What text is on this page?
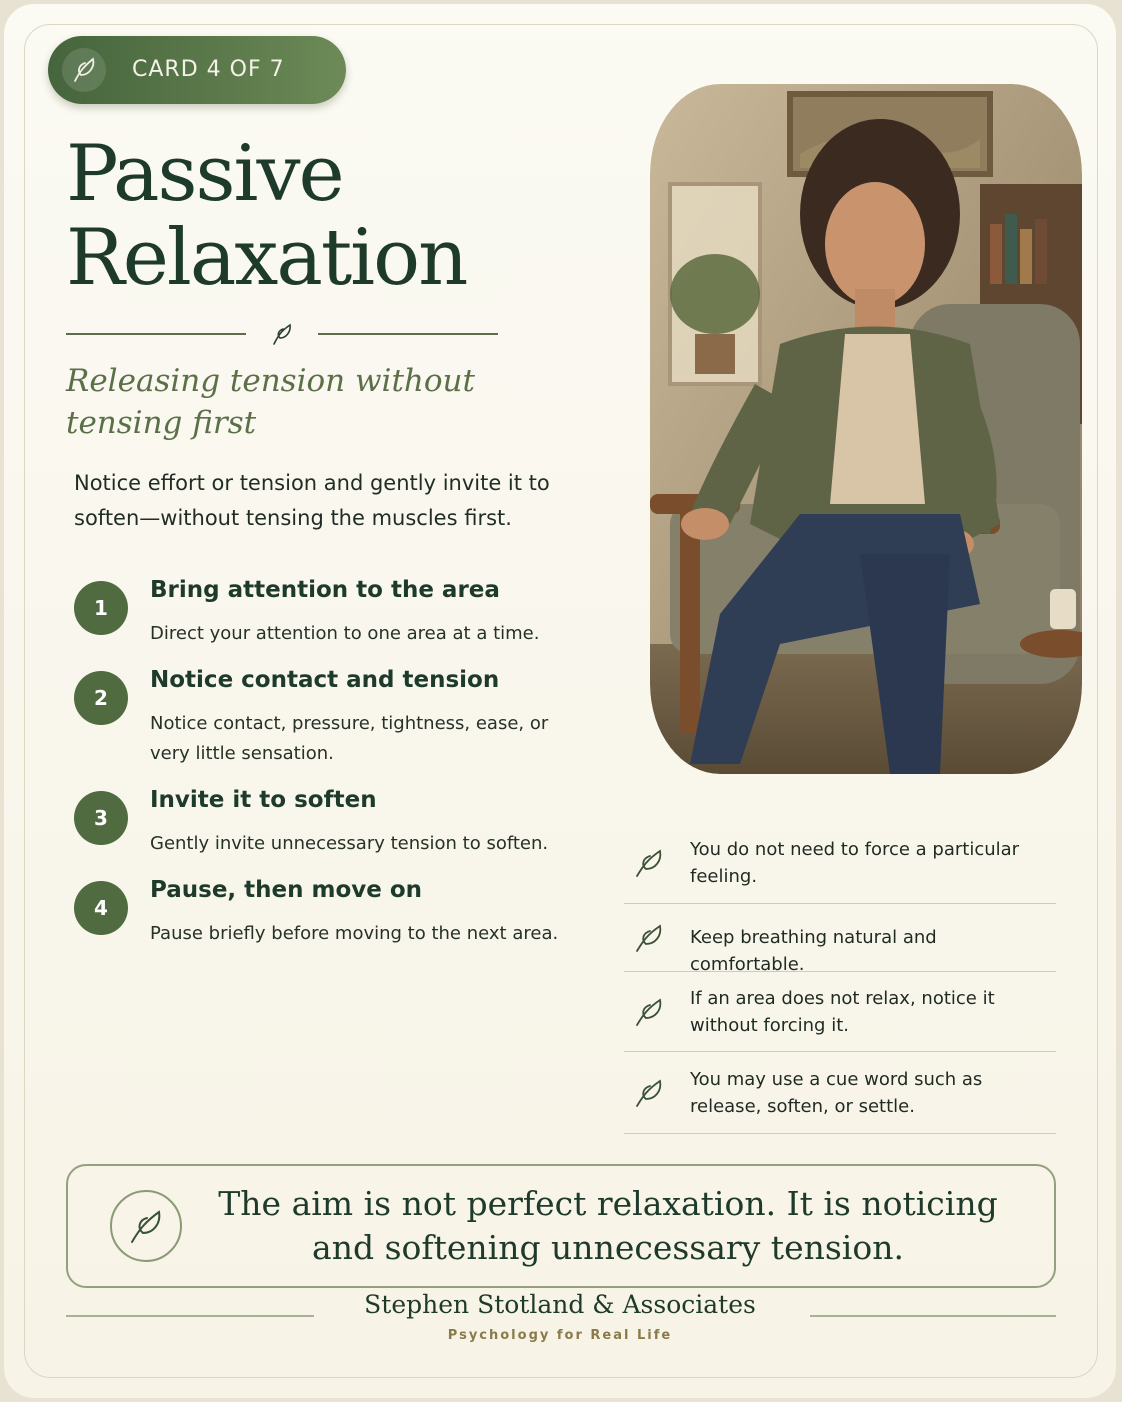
CARD 4 OF 7
Passive
Relaxation
Releasing tension without
tensing first
Notice effort or tension and gently invite it to
soften—without tensing the muscles first.
1
Bring attention to the area
Direct your attention to one area at a time.
2
Notice contact and tension
Notice contact, pressure, tightness, ease, or very little sensation.
3
Invite it to soften
Gently invite unnecessary tension to soften.
4
Pause, then move on
Pause briefly before moving to the next area.
You do not need to force a particular feeling.
Keep breathing natural and comfortable.
If an area does not relax, notice it without forcing it.
You may use a cue word such as release, soften, or settle.
The aim is not perfect relaxation. It is noticing
and softening unnecessary tension.
Stephen Stotland & Associates
Psychology for Real Life
